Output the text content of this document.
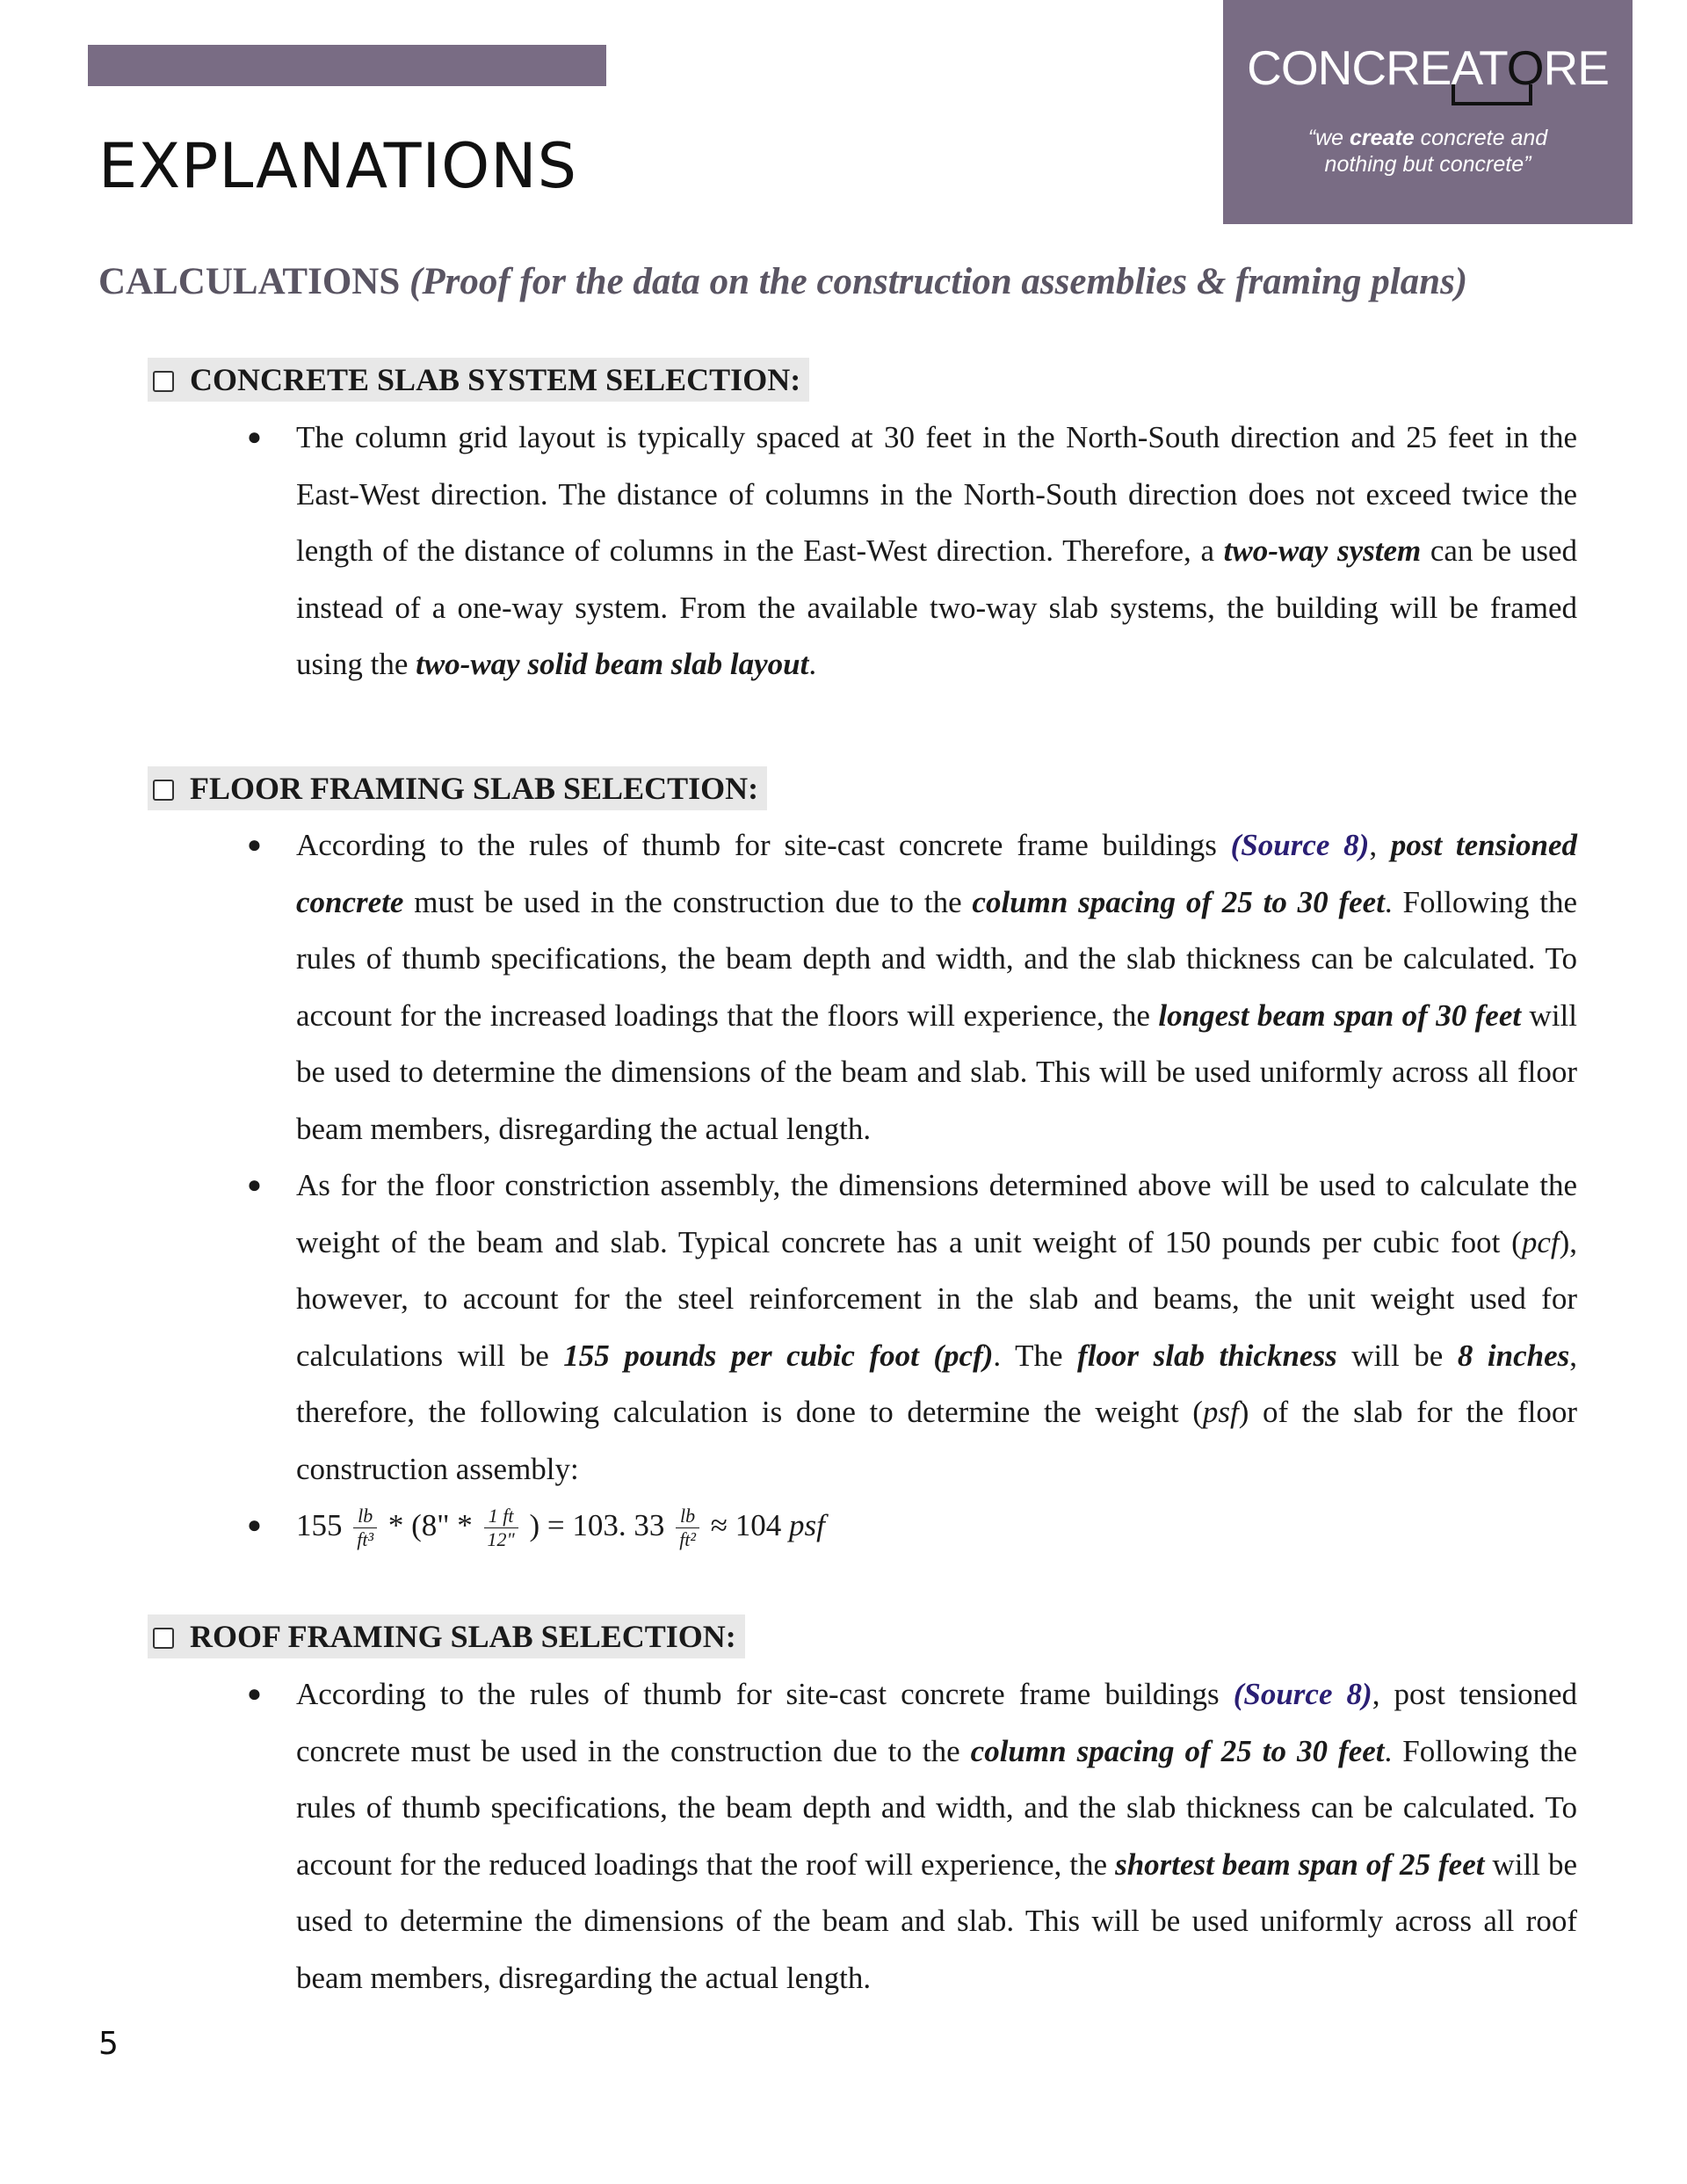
EXPLANATIONS
CONCREATORE
“we create concrete and
nothing but concrete”
CALCULATIONS (Proof for the data on the construction assemblies & framing plans)
CONCRETE SLAB SYSTEM SELECTION:
● The column grid layout is typically spaced at 30 feet in the North-South direction and 25 feet in the East-West direction. The distance of columns in the North-South direction does not exceed twice the length of the distance of columns in the East-West direction. Therefore, a two-way system can be used instead of a one-way system. From the available two-way slab systems, the building will be framed using the two-way solid beam slab layout.
FLOOR FRAMING SLAB SELECTION:
● According to the rules of thumb for site-cast concrete frame buildings (Source 8), post tensioned concrete must be used in the construction due to the column spacing of 25 to 30 feet. Following the rules of thumb specifications, the beam depth and width, and the slab thickness can be calculated. To account for the increased loadings that the floors will experience, the longest beam span of 30 feet will be used to determine the dimensions of the beam and slab. This will be used uniformly across all floor beam members, disregarding the actual length.
● As for the floor constriction assembly, the dimensions determined above will be used to calculate the weight of the beam and slab. Typical concrete has a unit weight of 150 pounds per cubic foot (pcf), however, to account for the steel reinforcement in the slab and beams, the unit weight used for calculations will be 155 pounds per cubic foot (pcf). The floor slab thickness will be 8 inches, therefore, the following calculation is done to determine the weight (psf) of the slab for the floor construction assembly:
● $155 \frac{lb}{\text{ft³}} * (8$" * $\frac{1 ft}{12"}$ ) = 103. $33 \frac{lb}{\text{ft²}} \approx 104$ psf
ROOF FRAMING SLAB SELECTION:
● According to the rules of thumb for site-cast concrete frame buildings (Source 8), post tensioned concrete must be used in the construction due to the column spacing of 25 to 30 feet. Following the rules of thumb specifications, the beam depth and width, and the slab thickness can be calculated. To account for the reduced loadings that the roof will experience, the shortest beam span of 25 feet will be used to determine the dimensions of the beam and slab. This will be used uniformly across all roof beam members, disregarding the actual length.
5
